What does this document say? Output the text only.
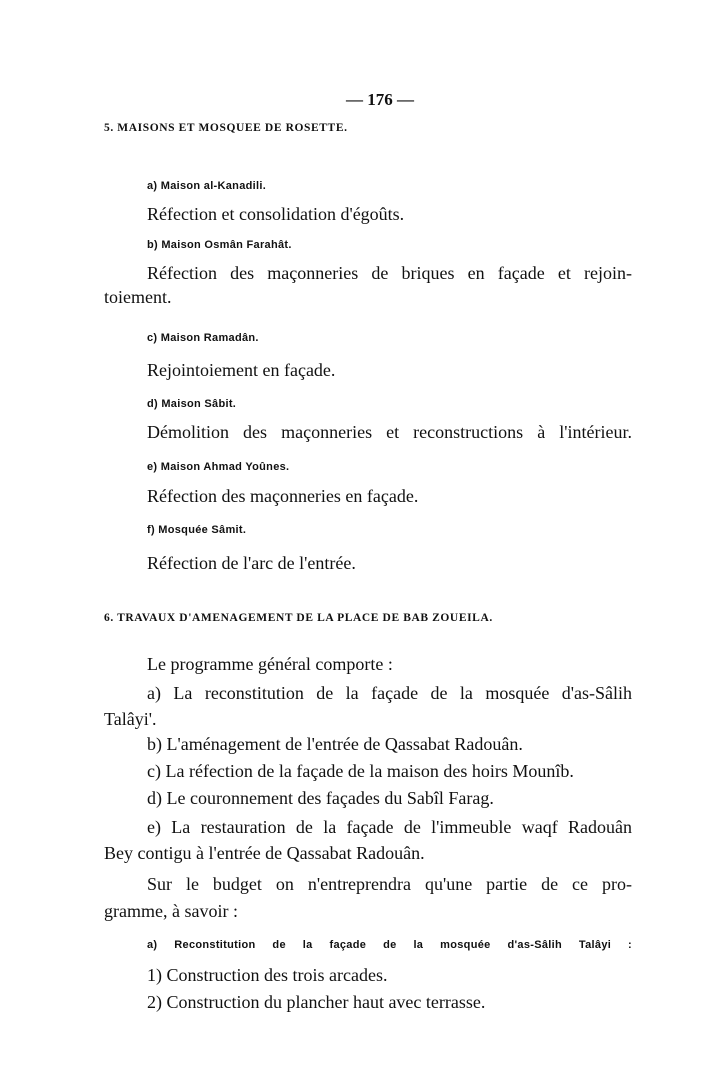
— 176 —
5. MAISONS ET MOSQUEE DE ROSETTE.
a) Maison al-Kanadili.
Réfection et consolidation d'égoûts.
b) Maison Osmân Farahât.
Réfection des maçonneries de briques en façade et rejoin-
toiement.
c) Maison Ramadân.
Rejointoiement en façade.
d) Maison Sâbit.
Démolition des maçonneries et reconstructions à l'intérieur.
e) Maison Ahmad Yoûnes.
Réfection des maçonneries en façade.
f) Mosquée Sâmit.
Réfection de l'arc de l'entrée.
6. TRAVAUX D'AMENAGEMENT DE LA PLACE DE BAB ZOUEILA.
Le programme général comporte :
a) La reconstitution de la façade de la mosquée d'as-Sâlih
Talâyi'.
b) L'aménagement de l'entrée de Qassabat Radouân.
c) La réfection de la façade de la maison des hoirs Mounîb.
d) Le couronnement des façades du Sabîl Farag.
e) La restauration de la façade de l'immeuble waqf Radouân
Bey contigu à l'entrée de Qassabat Radouân.
Sur le budget on n'entreprendra qu'une partie de ce pro-
gramme, à savoir :
a) Reconstitution de la façade de la mosquée d'as-Sâlih Talâyi :
1) Construction des trois arcades.
2) Construction du plancher haut avec terrasse.
